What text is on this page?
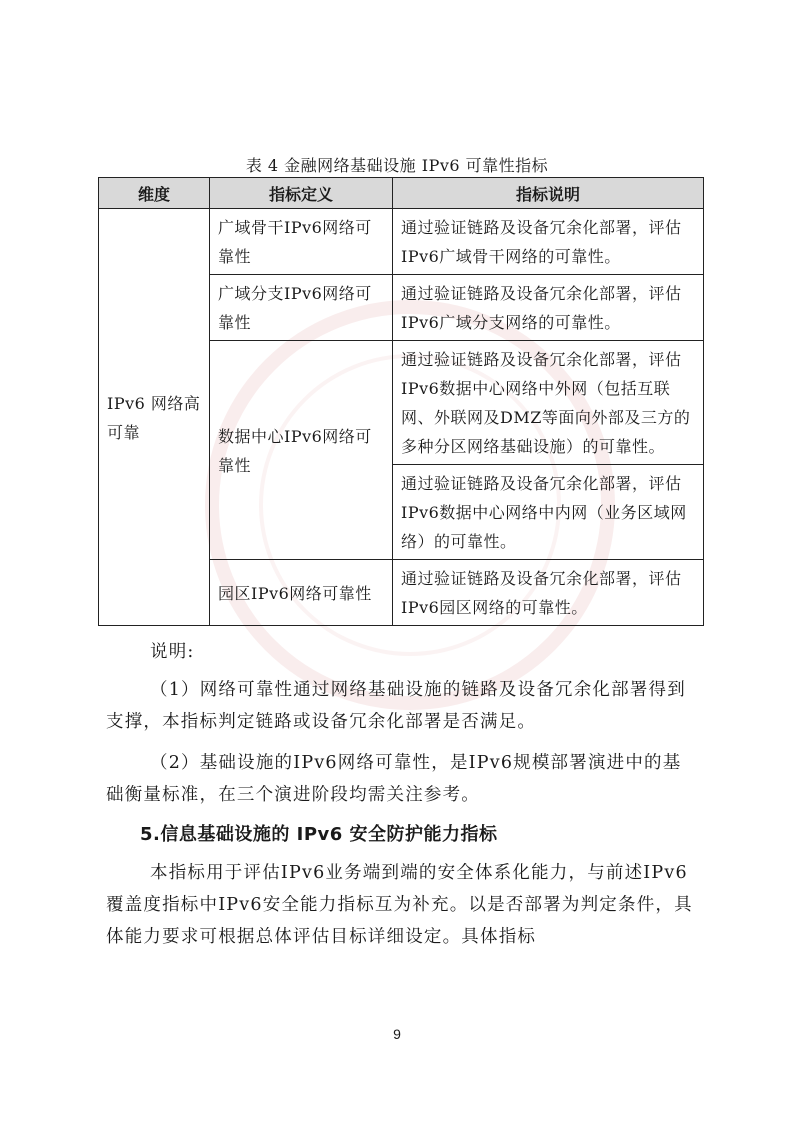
表 4 金融网络基础设施 IPv6 可靠性指标
维度	指标定义	指标说明
IPv6 网络高可靠	广域骨干IPv6网络可靠性	通过验证链路及设备冗余化部署，评估IPv6广域骨干网络的可靠性。
	广域分支IPv6网络可靠性	通过验证链路及设备冗余化部署，评估IPv6广域分支网络的可靠性。
	数据中心IPv6网络可靠性	通过验证链路及设备冗余化部署，评估IPv6数据中心网络中外网（包括互联网、外联网及DMZ等面向外部及三方的多种分区网络基础设施）的可靠性。
		通过验证链路及设备冗余化部署，评估IPv6数据中心网络中内网（业务区域网络）的可靠性。
	园区IPv6网络可靠性	通过验证链路及设备冗余化部署，评估IPv6园区网络的可靠性。
说明:
（1）网络可靠性通过网络基础设施的链路及设备冗余化部署得到支撑，本指标判定链路或设备冗余化部署是否满足。
（2）基础设施的IPv6网络可靠性，是IPv6规模部署演进中的基础衡量标准，在三个演进阶段均需关注参考。
5.信息基础设施的 IPv6 安全防护能力指标
本指标用于评估IPv6业务端到端的安全体系化能力，与前述IPv6覆盖度指标中IPv6安全能力指标互为补充。以是否部署为判定条件，具体能力要求可根据总体评估目标详细设定。具体指标
9
